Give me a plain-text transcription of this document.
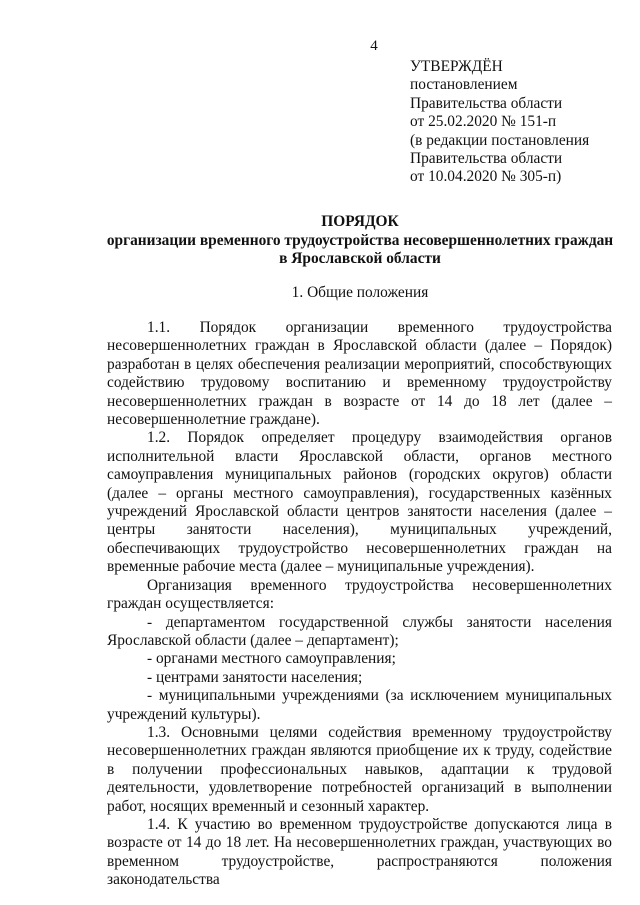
4
УТВЕРЖДЁН
постановлением
Правительства области
от 25.02.2020 № 151-п
(в редакции постановления
Правительства области
от 10.04.2020 № 305-п)
ПОРЯДОК
организации временного трудоустройства несовершеннолетних граждан
в Ярославской области
1. Общие положения

1.1. Порядок организации временного трудоустройства несовершеннолетних граждан в Ярославской области (далее – Порядок) разработан в целях обеспечения реализации мероприятий, способствующих содействию трудовому воспитанию и временному трудоустройству несовершеннолетних граждан в возрасте от 14 до 18 лет (далее – несовершеннолетние граждане).

1.2. Порядок определяет процедуру взаимодействия органов исполнительной власти Ярославской области, органов местного самоуправления муниципальных районов (городских округов) области (далее – органы местного самоуправления), государственных казённых учреждений Ярославской области центров занятости населения (далее – центры занятости населения), муниципальных учреждений, обеспечивающих трудоустройство несовершеннолетних граждан на временные рабочие места (далее – муниципальные учреждения).

Организация временного трудоустройства несовершеннолетних граждан осуществляется:

- департаментом государственной службы занятости населения Ярославской области (далее – департамент);

- органами местного самоуправления;

- центрами занятости населения;

- муниципальными учреждениями (за исключением муниципальных учреждений культуры).

1.3. Основными целями содействия временному трудоустройству несовершеннолетних граждан являются приобщение их к труду, содействие в получении профессиональных навыков, адаптации к трудовой деятельности, удовлетворение потребностей организаций в выполнении работ, носящих временный и сезонный характер.

1.4. К участию во временном трудоустройстве допускаются лица в возрасте от 14 до 18 лет. На несовершеннолетних граждан, участвующих во временном трудоустройстве, распространяются положения законодательства
